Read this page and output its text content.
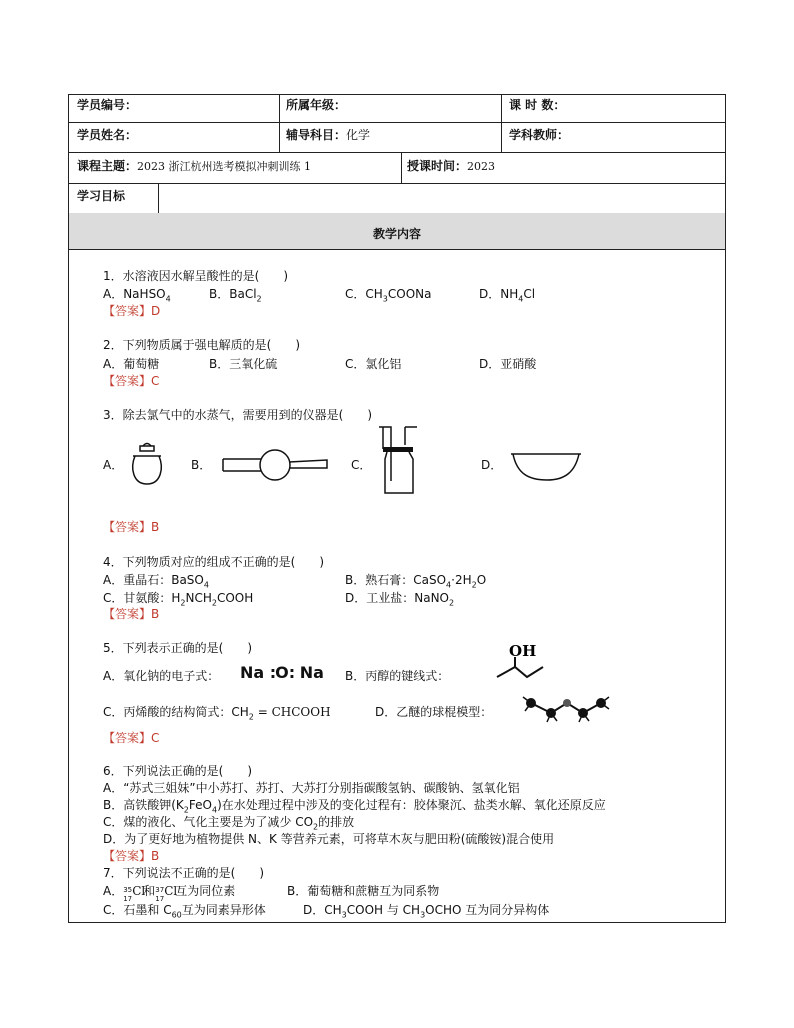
学员编号：	所属年级：	课 时 数：
学员姓名：	辅导科目：化学	学科教师：
课程主题：2023 浙江杭州选考模拟冲刺训练 1	授课时间：2023
学习目标
教学内容
1．水溶液因水解呈酸性的是(　　)
A．NaHSO$_4$	B．BaCl$_2$	C．$CH_3COONa$	D．$NH_4Cl$
【答案】D
2．下列物质属于强电解质的是(　　)
A．葡萄糖	B．三氧化硫	C．氯化铝	D．亚硝酸
【答案】C
3．除去氯气中的水蒸气，需要用到的仪器是(　　)
A．	B．	C．	D．
【答案】B
4．下列物质对应的组成不正确的是(　　)
A．重晶石：BaSO$_4$	B．熟石膏：$CaSO_4\cdot 2H_2O$
C．甘氨酸：$H_2NCH_2COOH$	D．工业盐：NaNO$_2$
【答案】B
5．下列表示正确的是(　　)
A．氧化钠的电子式： Na :O: Na B．丙醇的键线式：
OH
C．丙烯酸的结构简式：$CH_2$ = CHCOOH	D．乙醚的球棍模型：
【答案】C
6．下列说法正确的是(　　)
A．“苏式三姐妹”中小苏打、苏打、大苏打分别指碳酸氢钠、碳酸钠、氢氧化铝
B．高铁酸钾$(K_2FeO_4)$在水处理过程中涉及的变化过程有：胶体聚沉、盐类水解、氧化还原反应
C．煤的液化、气化主要是为了减少 $CO_2$的排放
D．为了更好地为植物提供 N、K 等营养元素，可将草木灰与肥田粉(硫酸铵)混合使用
【答案】B
7．下列说法不正确的是(　　)
A． 35
17
Cl
和 37
17
Cl
互为同位素	B．葡萄糖和蔗糖互为同系物
C．石墨和 $C_{60}$互为同素异形体	D．$CH_3COOH$ 与 $CH_3OCHO$ 互为同分异构体
